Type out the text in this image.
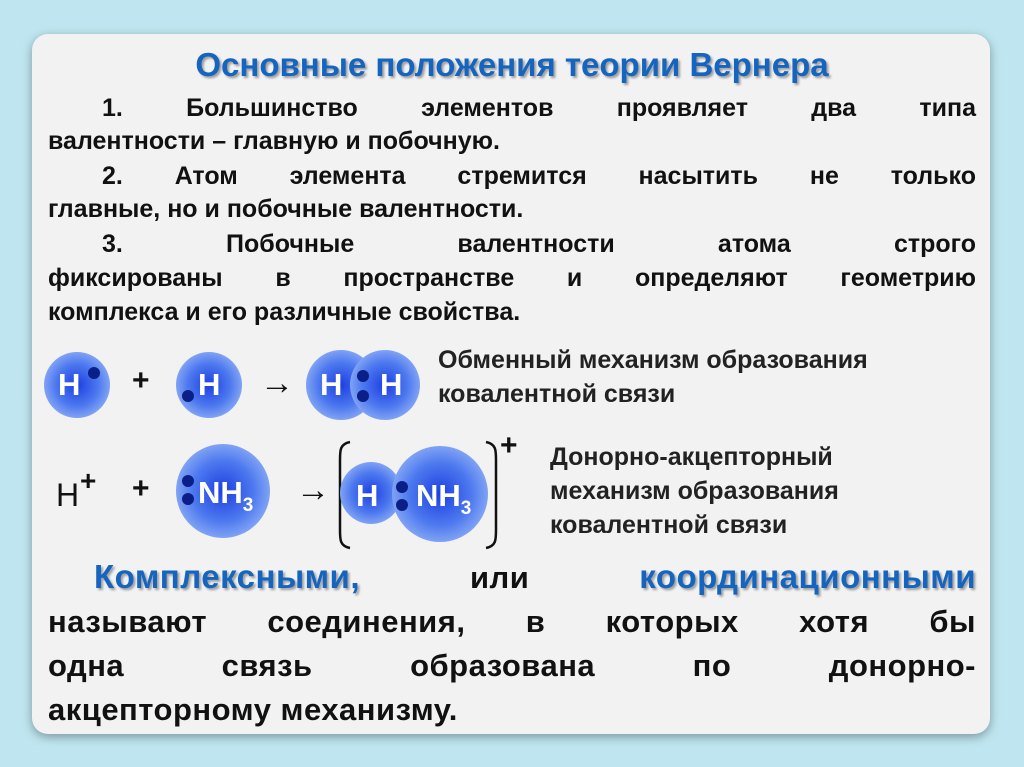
Основные положения теории Вернера
1. Большинство элементов проявляет два типа
валентности – главную и побочную.
2. Атом элемента стремится насытить не только
главные, но и побочные валентности.
3. Побочные валентности атома строго
фиксированы в пространстве и определяют геометрию
комплекса и его различные свойства.
H + H → H H
Обменный механизм образования
ковалентной связи
H + + $NH_3 \to H$ $NH_3$
+ Донорно-акцепторный
механизм образования
ковалентной связи
Комплексными,	или	координационными
называют соединения, в которых хотя бы
одна связь образована по донорно-
акцепторному механизму.
